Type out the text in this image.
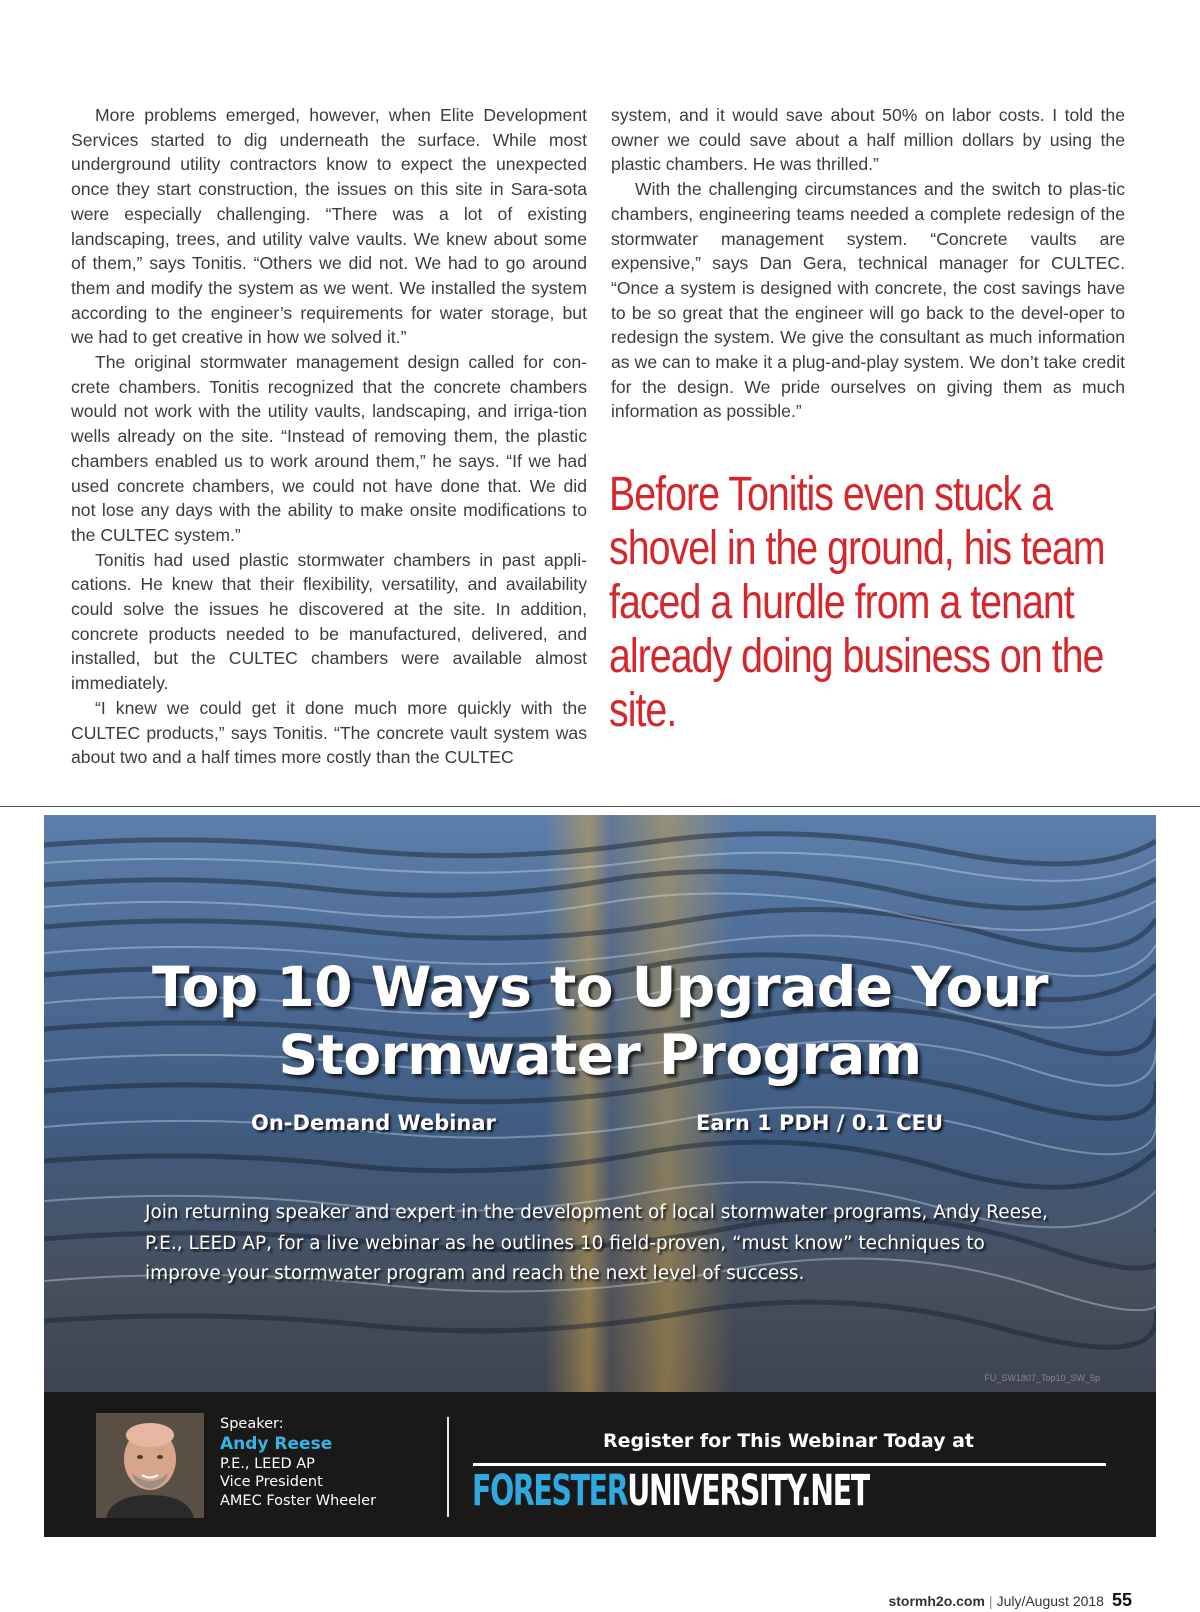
More problems emerged, however, when Elite Development Services started to dig underneath the surface. While most underground utility contractors know to expect the unexpected once they start construction, the issues on this site in Sara-sota were especially challenging. “There was a lot of existing landscaping, trees, and utility valve vaults. We knew about some of them,” says Tonitis. “Others we did not. We had to go around them and modify the system as we went. We installed the system according to the engineer’s requirements for water storage, but we had to get creative in how we solved it.”

The original stormwater management design called for con-crete chambers. Tonitis recognized that the concrete chambers would not work with the utility vaults, landscaping, and irriga-tion wells already on the site. “Instead of removing them, the plastic chambers enabled us to work around them,” he says. “If we had used concrete chambers, we could not have done that. We did not lose any days with the ability to make onsite modifications to the CULTEC system.”

Tonitis had used plastic stormwater chambers in past appli-cations. He knew that their flexibility, versatility, and availability could solve the issues he discovered at the site. In addition, concrete products needed to be manufactured, delivered, and installed, but the CULTEC chambers were available almost immediately.

“I knew we could get it done much more quickly with the CULTEC products,” says Tonitis. “The concrete vault system was about two and a half times more costly than the CULTEC

system, and it would save about 50% on labor costs. I told the owner we could save about a half million dollars by using the plastic chambers. He was thrilled.”

With the challenging circumstances and the switch to plas-tic chambers, engineering teams needed a complete redesign of the stormwater management system. “Concrete vaults are expensive,” says Dan Gera, technical manager for CULTEC. “Once a system is designed with concrete, the cost savings have to be so great that the engineer will go back to the devel-oper to redesign the system. We give the consultant as much information as we can to make it a plug-and-play system. We don’t take credit for the design. We pride ourselves on giving them as much information as possible.”

Before Tonitis even stuck a shovel in the ground, his team faced a hurdle from a tenant already doing business on the site.
Top 10 Ways to Upgrade Your
Stormwater Program
On-Demand Webinar	Earn 1 PDH / 0.1 CEU
Join returning speaker and expert in the development of local stormwater programs, Andy Reese, P.E., LEED AP, for a live webinar as he outlines 10 field-proven, “must know” techniques to improve your stormwater program and reach the next level of success.
FU_SW1807_Top10_SW_5p
Speaker:
Andy Reese
P.E., LEED AP
Vice President
AMEC Foster Wheeler
Register for This Webinar Today at
FORESTERUNIVERSITY.NET
stormh2o.com | July/August 2018 55
